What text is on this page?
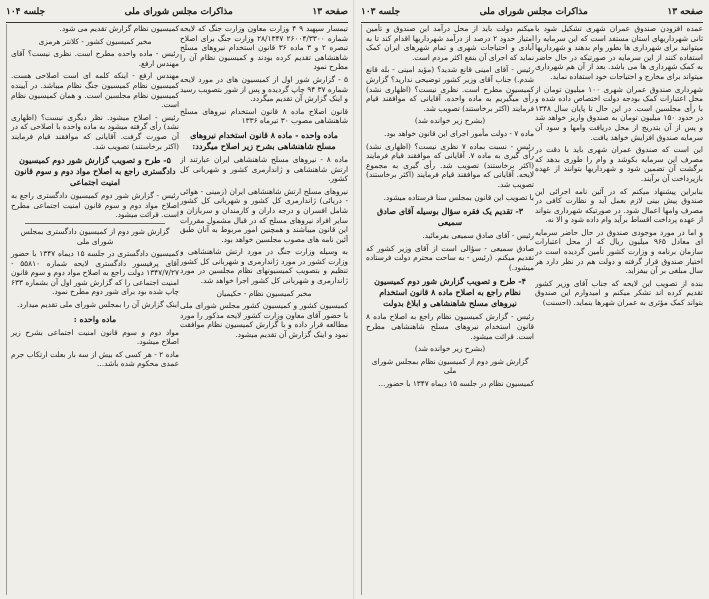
صفحه ۱۳
مذاکرات مجلس شورای ملی
جلسه ۱۰۴

تیمسار سپهبد ۹ ۴ وزارت معاون وزارت جنگ که لایحه شماره ۲۶۰۰۴/۳۳۰۰ ۲۸/۱۳۴۷ وزارت جنگ برای اصلاح تبصره ۲ و ۳ ماده ۳۶ قانون استخدام نیروهای مسلح شاهنشاهی تقدیم کرده بودند و کمیسیون نظام آن را مطرح نمود

۵ - گزارش شور اول از کمیسیون های در مورد لایحه شماره ۳۷ ۹۴ چاپ گردیده و پس از شور بتصویب رسید و اینک گزارش آن تقدیم میگردد.

قانون اصلاح ماده ۸ قانون استخدام نیروهای مسلح شاهنشاهی مصوب ۳۰ تیرماه ۱۳۳۶

ماده واحده - ماده ۸ قانون استخدام نیروهای مسلح شاهنشاهی بشرح زیر اصلاح میگردد:

ماده ۸ - نیروهای مسلح شاهنشاهی ایران عبارتند از ارتش شاهنشاهی و ژاندارمری کشور و شهربانی کل کشور.

نیروهای مسلح ارتش شاهنشاهی ایران (زمینی - هوائی - دریائی) ژاندارمری کل کشور و شهربانی کل کشور شامل افسران و درجه داران و کارمندان و سربازان و سایر افراد نیروهای مسلح که در قبال مشمول مقررات این قانون میباشند و همچنین امور مربوط به آنان طبق آئین نامه های مصوب مجلسین خواهد بود.

به وسیله وزارت جنگ در مورد ارتش شاهنشاهی و وزارت کشور در مورد ژاندارمری و شهربانی کل کشور تنظیم و بتصویب کمیسیونهای نظام مجلسین در مورد ژاندارمری و شهربانی کل کشور اجرا خواهد شد.

مخبر کمیسیون نظام - حکیمیان

کمیسیون کشور و کمیسیون کشور مجلس شورای ملی با حضور آقای معاون وزارت کشور لایحه مذکور را مورد مطالعه قرار داده و با گزارش کمیسیون نظام موافقت نمود و اینک گزارش آن تقدیم میشود.

کمیسیون نظام گزارش تقدیم می شود.

مخبر کمیسیون کشور - کلانتر هرمزی

رئیس - ماده واحده مطرح است. نظری نیست؟ آقای مهندس ارفع.

مهندس ارفع - اینکه کلمه ای است اصلاحی هست. کمیسیون نظام کمیسیون جنگ نظام میباشد. در آیینده کمیسیون نظام مجلسین است. و همان کمیسیون نظام است.

رئیس - اصلاح میشود. نظر دیگری نیست؟ (اظهاری نشد) رأی گرفته میشود به ماده واحده با اصلاحی که در آن صورت گرفت. آقایانی که موافقند قیام فرمایند (اکثر برخاستند) تصویب شد.

۵- طرح و تصویب گزارش شور دوم کمیسیون دادگستری راجع به اصلاح مواد دوم و سوم قانون امنیت اجتماعی

رئیس - گزارش شور دوم کمیسیون دادگستری راجع به اصلاح مواد دوم و سوم قانون امنیت اجتماعی مطرح است. قرائت میشود.

گزارش شور دوم از کمیسیون دادگستری بمجلس شورای ملی

کمیسیون دادگستری در جلسه ۱۵ دیماه ۱۳۴۷ با حضور آقای پرفیسور دادگستری لایحه شماره ۵۵۸۱۰ - ۱۳۴۷/۷/۲۷ دولت راجع به اصلاح مواد دوم و سوم قانون امنیت اجتماعی را که گزارش شور اول آن بشماره ۶۳۳ چاپ شده بود برای شور دوم مطرح نمود.

اینک گزارش آن را بمجلس شورای ملی تقدیم میدارد.

ماده واحده :

مواد دوم و سوم قانون امنیت اجتماعی بشرح زیر اصلاح میشود.

ماده ۲ - هر کسی که بیش از سه بار بعلت ارتکاب جرم عمدی محکوم شده باشد...

صفحه ۱۳
مذاکرات مجلس شورای ملی
جلسه ۱۰۳

عمده افزودن صندوق عمران شهری تشکیل شود با ثانی شهرداریهای استان مستفد است که این سرمایه را میتوانید برای شهرداری ها بطور وام بدهند و شهرداریها استفاده کنند از این سرمایه در صورتیکه در حال حاضر به کمک شهرداری ها می باشد. بعد از آن هم شهرداری میتواند برای مخارج و احتیاجات خود استفاده نماید.

شهرداری صندوق عمران شهری ۱۰۰ میلیون تومان از محل اعتبارات کمک بودجه دولت اختصاص داده شده و با رأی مجلسین است. در این حال تا پایان سال ۱۳۴۸ در حدود ۱۵۰ میلیون تومان به صندوق واریز خواهد شد و پس از آن بتدریج از محل دریافت وامها و سود آن سرمایه صندوق افزایش خواهد یافت.

این است که صندوق عمران شهری باید با دقت در مصرف این سرمایه بکوشد و وام را طوری بدهد که برگشت آن تضمین شود و شهرداریها بتوانند از عهده بازپرداخت آن برآیند.

بنابراین پیشنهاد میکنم که در آئین نامه اجرائی این صندوق پیش بینی لازم بعمل آید و نظارت کافی در مصرف وامها اعمال شود. در صورتیکه شهرداری بتواند از عهده پرداخت اقساط برآید وام داده شود و الا نه.

و اما در مورد موجودی صندوق در حال حاضر سرمایه ای معادل ۹۶۵ میلیون ریال که از محل اعتبارات سازمان برنامه و وزارت کشور تأمین گردیده است در اختیار صندوق قرار گرفته و دولت هم در نظر دارد هر سال مبلغی بر آن بیفزاید.

بنده از تصویب این لایحه که جناب آقای وزیر کشور تقدیم کرده اند تشکر میکنم و امیدوارم این صندوق بتواند کمک مؤثری به عمران شهرها بنماید. (احسنت)

میکنم دولت باید از محل درآمد این صندوق و تأمین امتیاز حدود ۲ درصد از درآمد شهرداریها اقدام کند تا به آبادی و احتیاجات شهری و تمام شهرهای ایران کمک نماید که اجرای آن بنفع اکثر مردم است.

رئیس - آقای امینی قانع شدید؟ (مؤید امینی - بله قانع شدم.) جناب آقای وزیر کشور توضیحی ندارید؟ گزارش کمیسیون مطرح است. نظری نیست؟ (اظهاری نشد) رأی میگیریم به ماده واحده. آقایانی که موافقند قیام فرمایند (اکثر برخاستند) تصویب شد.

(بشرح زیر خوانده شد)

ماده ۷ - دولت مأمور اجرای این قانون خواهد بود.

رئیس - نسبت بماده ۷ نظری نیست؟ (اظهاری نشد) رأی گیری به ماده ۷. آقایانی که موافقند قیام فرمایند (اکثر برخاستند) تصویب شد. رأی گیری به مجموع لایحه. آقایانی که موافقند قیام فرمایند (اکثر برخاستند) تصویب شد.

با تصویب این قانون بمجلس سنا فرستاده میشود.

۳- تقدیم یک فقره سؤال بوسیله آقای صادق سمیعی

رئیس - آقای صادق سمیعی بفرمائید.

صادق سمیعی - سؤالی است از آقای وزیر کشور که تقدیم میکنم. (رئیس - به ساحت محترم دولت فرستاده میشود.)

۴- طرح و تصویب گزارش شور دوم کمیسیون نظام راجع به اصلاح ماده ۸ قانون استخدام نیروهای مسلح شاهنشاهی و ابلاغ بدولت

رئیس - گزارش کمیسیون نظام راجع به اصلاح ماده ۸ قانون استخدام نیروهای مسلح شاهنشاهی مطرح است. قرائت میشود.

(بشرح زیر خوانده شد)

گزارش شور دوم از کمیسیون نظام بمجلس شورای ملی

کمیسیون نظام در جلسه ۱۵ دیماه ۱۳۴۷ با حضور...
